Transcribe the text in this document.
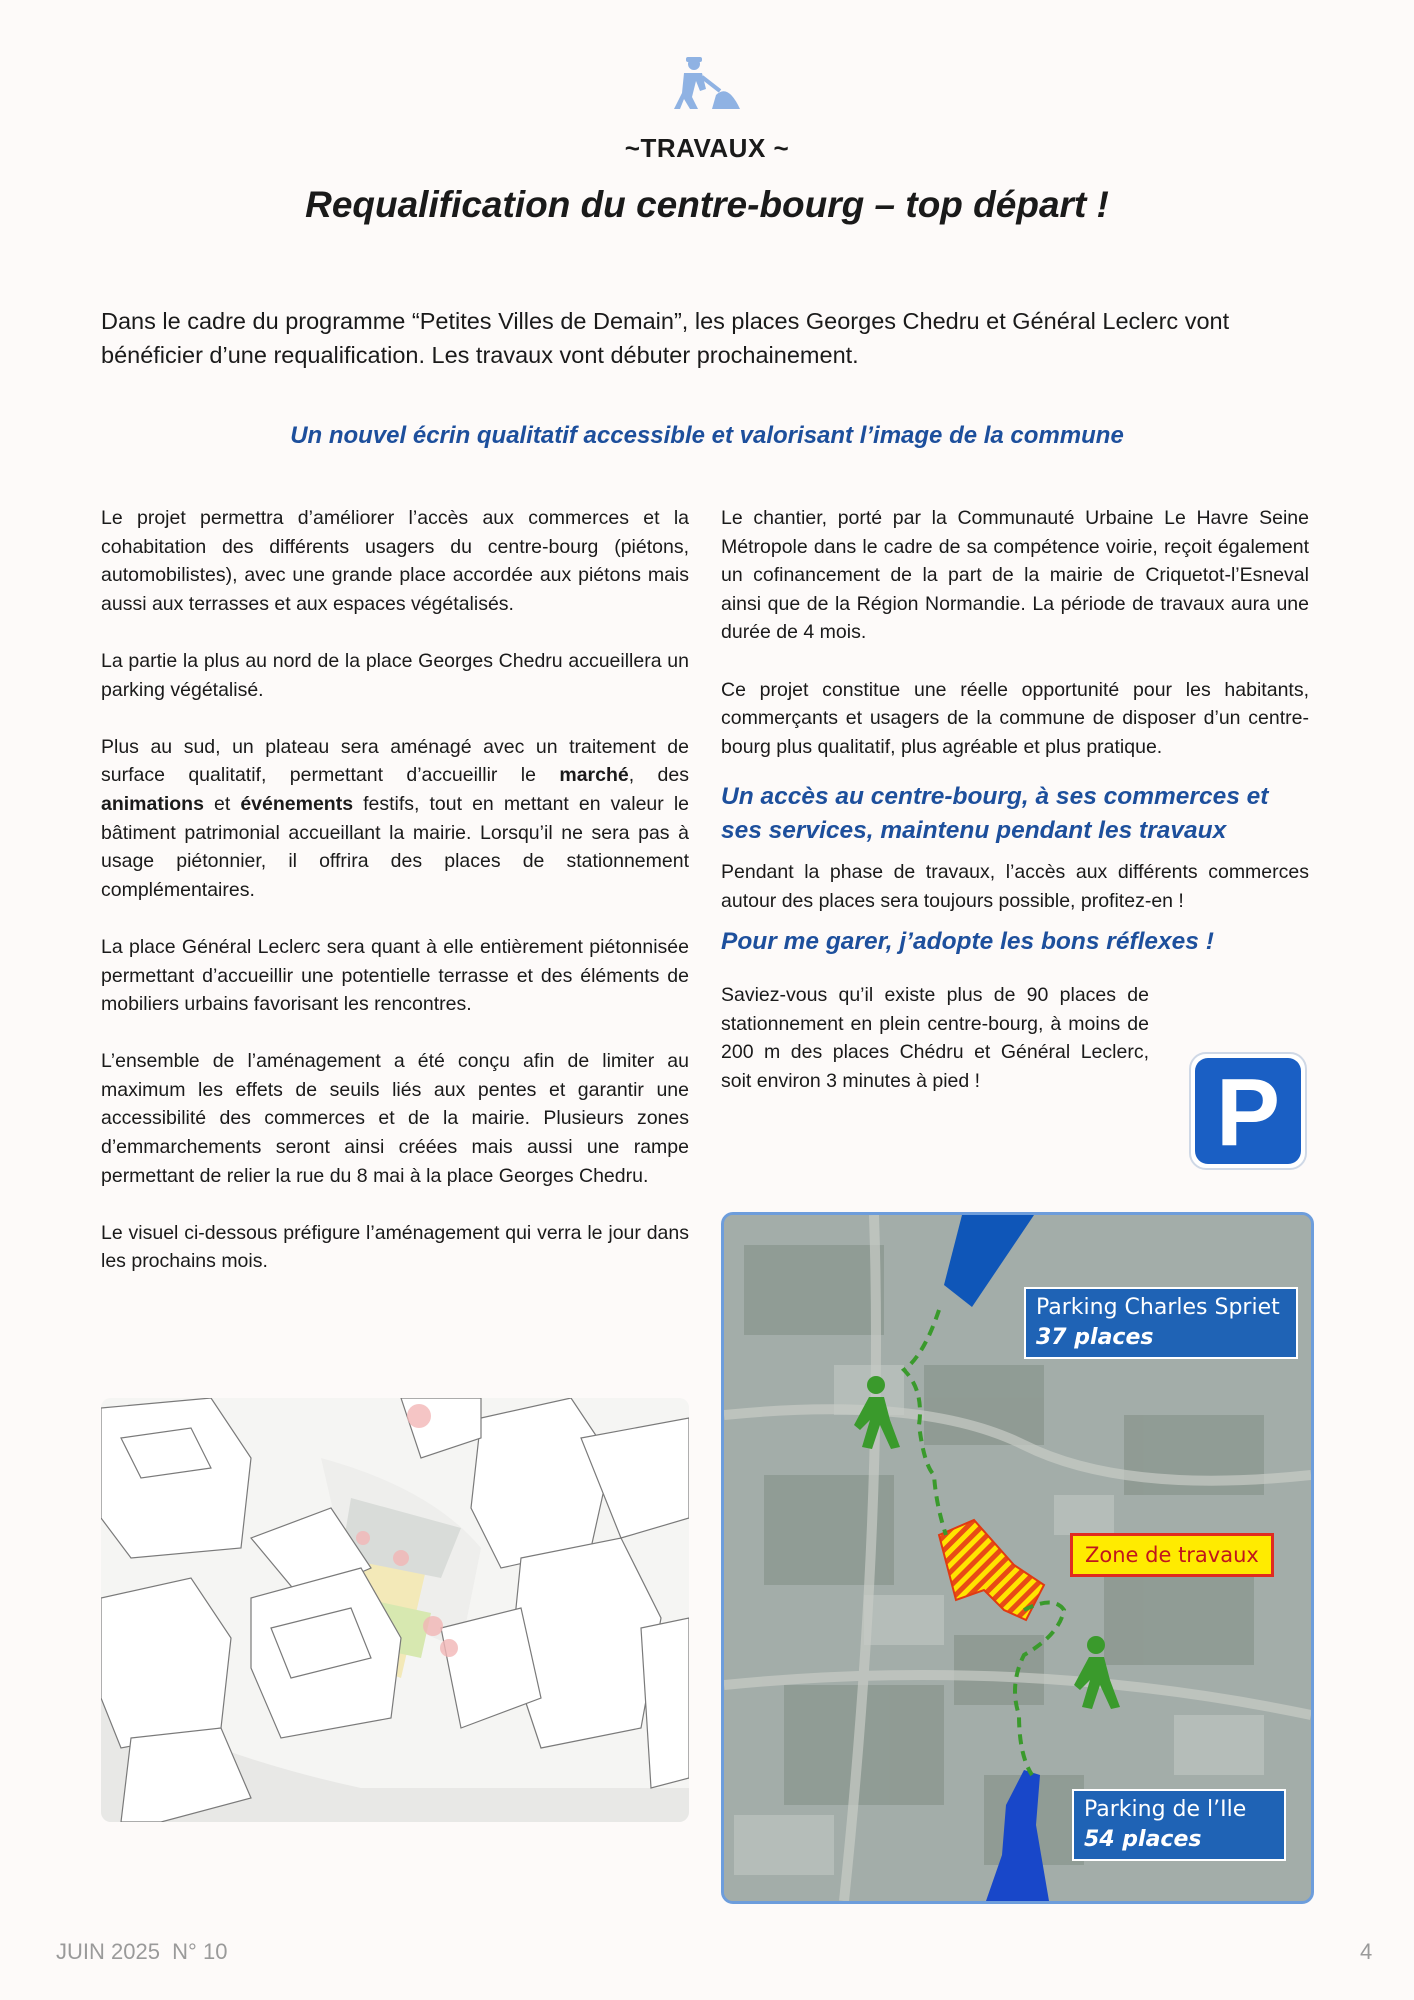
~TRAVAUX ~
Requalification du centre-bourg – top départ !
Dans le cadre du programme “Petites Villes de Demain”, les places Georges Chedru et Général Leclerc vont bénéficier d’une requalification. Les travaux vont débuter prochainement.
Un nouvel écrin qualitatif accessible et valorisant l’image de la commune

Le projet permettra d’améliorer l’accès aux commerces et la cohabitation des différents usagers du centre-bourg (piétons, automobilistes), avec une grande place accordée aux piétons mais aussi aux terrasses et aux espaces végétalisés.

La partie la plus au nord de la place Georges Chedru accueillera un parking végétalisé.

Plus au sud, un plateau sera aménagé avec un traitement de surface qualitatif, permettant d’accueillir le marché, des animations et événements festifs, tout en mettant en valeur le bâtiment patrimonial accueillant la mairie. Lorsqu’il ne sera pas à usage piétonnier, il offrira des places de stationnement complémentaires.

La place Général Leclerc sera quant à elle entièrement piétonnisée permettant d’accueillir une potentielle terrasse et des éléments de mobiliers urbains favorisant les rencontres.

L’ensemble de l’aménagement a été conçu afin de limiter au maximum les effets de seuils liés aux pentes et garantir une accessibilité des commerces et de la mairie. Plusieurs zones d’emmarchements seront ainsi créées mais aussi une rampe permettant de relier la rue du 8 mai à la place Georges Chedru.

Le visuel ci-dessous préfigure l’aménagement qui verra le jour dans les prochains mois.

Le chantier, porté par la Communauté Urbaine Le Havre Seine Métropole dans le cadre de sa compétence voirie, reçoit également un cofinancement de la part de la mairie de Criquetot-l’Esneval ainsi que de la Région Normandie. La période de travaux aura une durée de 4 mois.

Ce projet constitue une réelle opportunité pour les habitants, commerçants et usagers de la commune de disposer d’un centre-bourg plus qualitatif, plus agréable et plus pratique.

Un accès au centre-bourg, à ses commerces et ses services, maintenu pendant les travaux

Pendant la phase de travaux, l’accès aux différents commerces autour des places sera toujours possible, profitez-en !

Pour me garer, j’adopte les bons réflexes !

Saviez-vous qu’il existe plus de 90 places de stationnement en plein centre-bourg, à moins de 200 m des places Chédru et Général Leclerc, soit environ 3 minutes à pied !	P
Parking Charles Spriet
37 places
Zone de travaux
Parking de l’Ile
54 places
JUIN 2025  N° 10	4
